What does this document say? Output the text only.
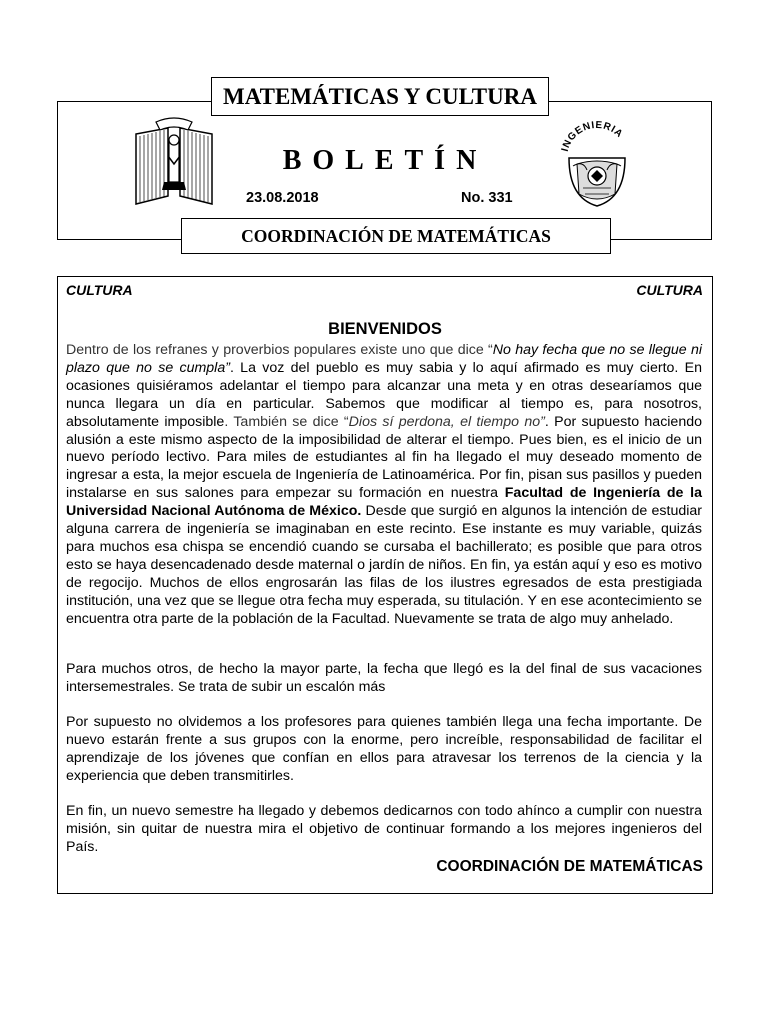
MATEMÁTICAS Y CULTURA
INGENIERIA
BOLETÍN
23.08.2018	No. 331
COORDINACIÓN DE MATEMÁTICAS
CULTURA	CULTURA
BIENVENIDOS

Dentro de los refranes y proverbios populares existe uno que dice “No hay fecha que no se llegue ni plazo que no se cumpla”. La voz del pueblo es muy sabia y lo aquí afirmado es muy cierto. En ocasiones quisiéramos adelantar el tiempo para alcanzar una meta y en otras desearíamos que nunca llegara un día en particular. Sabemos que modificar al tiempo es, para nosotros, absolutamente imposible. También se dice “Dios sí perdona, el tiempo no”. Por supuesto haciendo alusión a este mismo aspecto de la imposibilidad de alterar el tiempo. Pues bien, es el inicio de un nuevo período lectivo. Para miles de estudiantes al fin ha llegado el muy deseado momento de ingresar a esta, la mejor escuela de Ingeniería de Latinoamérica. Por fin, pisan sus pasillos y pueden instalarse en sus salones para empezar su formación en nuestra Facultad de Ingeniería de la Universidad Nacional Autónoma de México. Desde que surgió en algunos la intención de estudiar alguna carrera de ingeniería se imaginaban en este recinto. Ese instante es muy variable, quizás para muchos esa chispa se encendió cuando se cursaba el bachillerato; es posible que para otros esto se haya desencadenado desde maternal o jardín de niños. En fin, ya están aquí y eso es motivo de regocijo. Muchos de ellos engrosarán las filas de los ilustres egresados de esta prestigiada institución, una vez que se llegue otra fecha muy esperada, su titulación. Y en ese acontecimiento se encuentra otra parte de la población de la Facultad. Nuevamente se trata de algo muy anhelado.

Para muchos otros, de hecho la mayor parte, la fecha que llegó es la del final de sus vacaciones intersemestrales. Se trata de subir un escalón más

Por supuesto no olvidemos a los profesores para quienes también llega una fecha importante. De nuevo estarán frente a sus grupos con la enorme, pero increíble, responsabilidad de facilitar el aprendizaje de los jóvenes que confían en ellos para atravesar los terrenos de la ciencia y la experiencia que deben transmitirles.

En fin, un nuevo semestre ha llegado y debemos dedicarnos con todo ahínco a cumplir con nuestra misión, sin quitar de nuestra mira el objetivo de continuar formando a los mejores ingenieros del País.

COORDINACIÓN DE MATEMÁTICAS
